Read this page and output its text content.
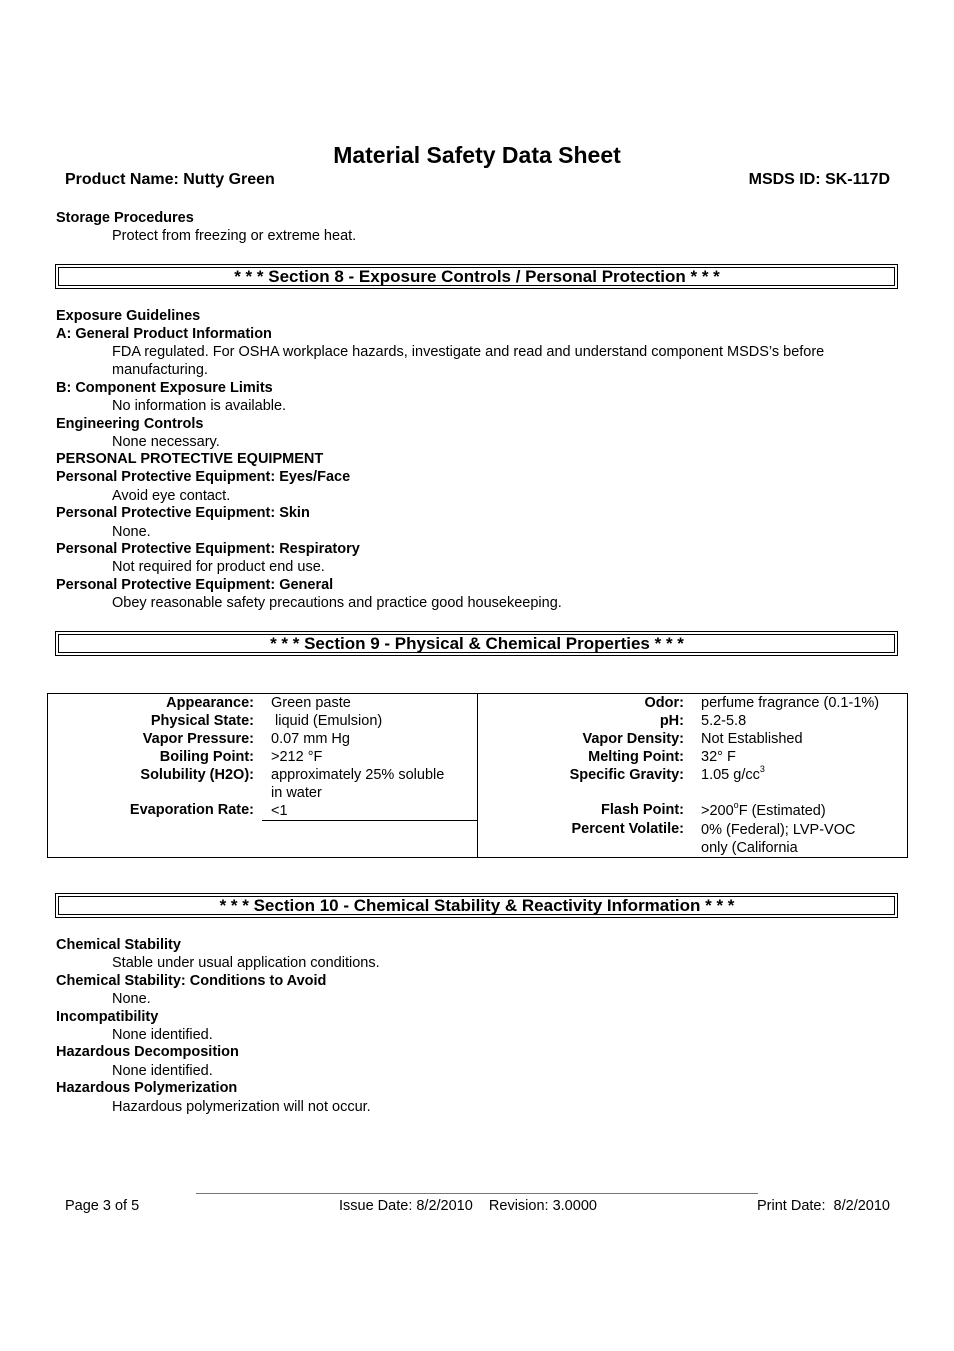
Material Safety Data Sheet
Product Name: Nutty Green	MSDS ID: SK-117D
Storage Procedures
Protect from freezing or extreme heat.
* * * Section 8 - Exposure Controls / Personal Protection * * *
Exposure Guidelines
A: General Product Information
FDA regulated. For OSHA workplace hazards, investigate and read and understand component MSDS’s before
manufacturing.
B: Component Exposure Limits
No information is available.
Engineering Controls
None necessary.
PERSONAL PROTECTIVE EQUIPMENT
Personal Protective Equipment: Eyes/Face
Avoid eye contact.
Personal Protective Equipment: Skin
None.
Personal Protective Equipment: Respiratory
Not required for product end use.
Personal Protective Equipment: General
Obey reasonable safety precautions and practice good housekeeping.
* * * Section 9 - Physical & Chemical Properties * * *
Appearance: Green paste
Physical State: liquid (Emulsion)
Vapor Pressure: 0.07 mm Hg
Boiling Point: >212 °F
Solubility (H2O): approximately 25% soluble
in water
Evaporation Rate: <1
Odor: perfume fragrance (0.1-1%)
pH: 5.2-5.8
Vapor Density: Not Established
Melting Point: 32° F
Specific Gravity: 1.05 $g/cc^3$
Flash Point: $>200^oF$ (Estimated)
Percent Volatile: 0% (Federal); LVP-VOC
only (California
* * * Section 10 - Chemical Stability & Reactivity Information * * *
Chemical Stability
Stable under usual application conditions.
Chemical Stability: Conditions to Avoid
None.
Incompatibility
None identified.
Hazardous Decomposition
None identified.
Hazardous Polymerization
Hazardous polymerization will not occur.
Page 3 of 5	Issue Date: 8/2/2010    Revision: 3.0000	Print Date:  8/2/2010
